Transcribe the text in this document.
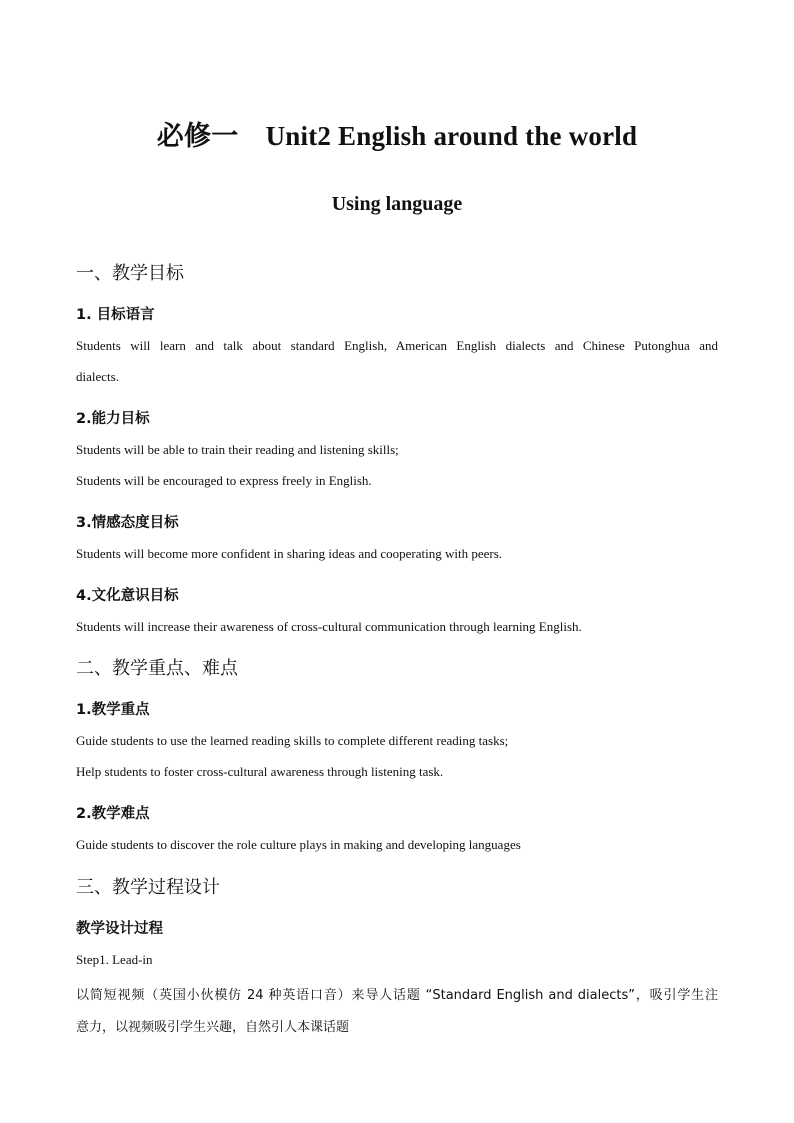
必修一　Unit2 English around the world
Using language
一、教学目标
1. 目标语言
Students will learn and talk about standard English, American English dialects and Chinese Putonghua and
dialects.
2.能力目标
Students will be able to train their reading and listening skills;
Students will be encouraged to express freely in English.
3.情感态度目标
Students will become more confident in sharing ideas and cooperating with peers.
4.文化意识目标
Students will increase their awareness of cross-cultural communication through learning English.
二、教学重点、难点
1.教学重点
Guide students to use the learned reading skills to complete different reading tasks;
Help students to foster cross-cultural awareness through listening task.
2.教学难点
Guide students to discover the role culture plays in making and developing languages
三、教学过程设计
教学设计过程
Step1. Lead-in
以简短视频（英国小伙模仿 24 种英语口音）来导人话题 “Standard English and dialects”，吸引学生注
意力，以视频吸引学生兴趣，自然引人本课话题
